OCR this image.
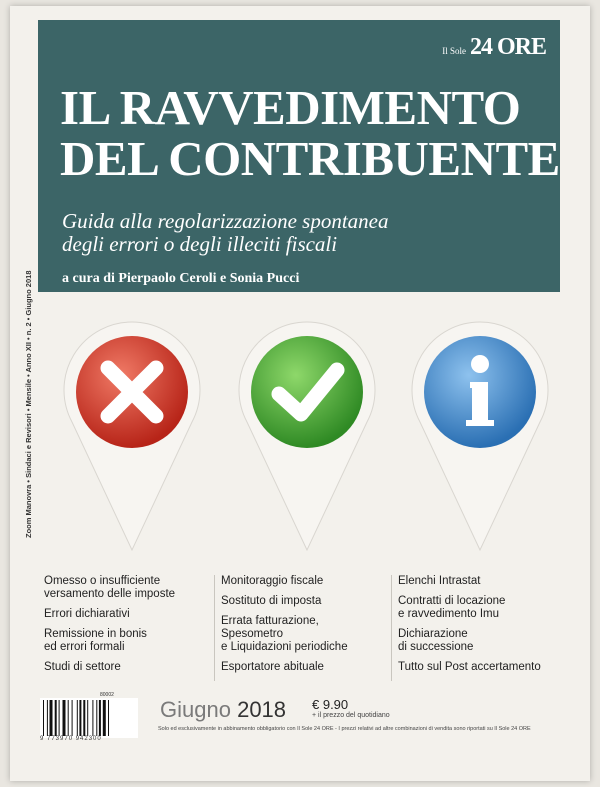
Il Sole 24 ORE
IL RAVVEDIMENTO
DEL CONTRIBUENTE

Guida alla regolarizzazione spontanea
degli errori o degli illeciti fiscali

a cura di Pierpaolo Ceroli e Sonia Pucci
Zoom Manovra • Sindaci e Revisori • Mensile • Anno XII • n. 2 • Giugno 2018
Omesso o insufficiente
versamento delle imposte
Errori dichiarativi
Remissione in bonis
ed errori formali
Studi di settore
Monitoraggio fiscale
Sostituto di imposta
Errata fatturazione,
Spesometro
e Liquidazioni periodiche
Esportatore abituale
Elenchi Intrastat
Contratti di locazione
e ravvedimento Imu
Dichiarazione
di successione
Tutto sul Post accertamento
80002
9 773970 942300
Giugno 2018 € 9.90
+ il prezzo del quotidiano
Solo ed esclusivamente in abbinamento obbligatorio con Il Sole 24 ORE - I prezzi relativi ad altre combinazioni di vendita sono riportati su Il Sole 24 ORE
